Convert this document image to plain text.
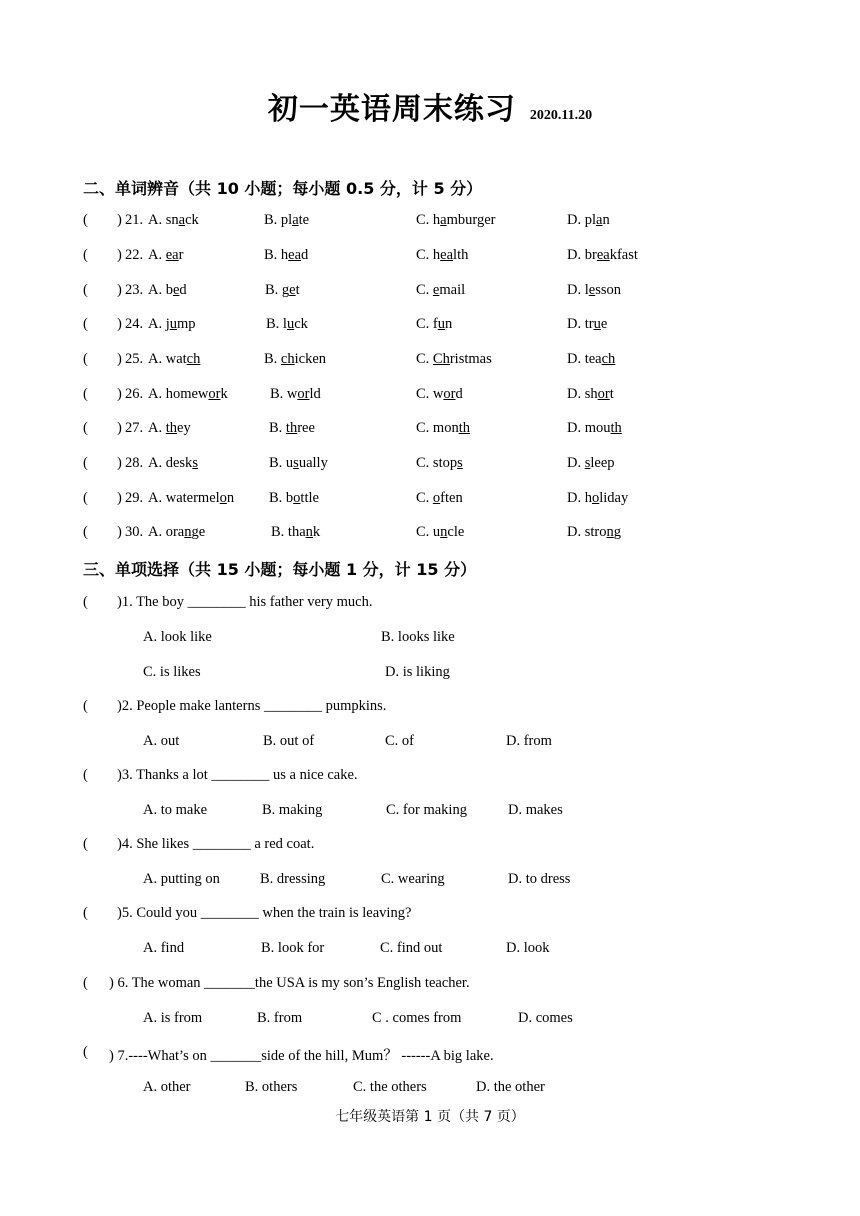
初一英语周末练习 2020.11.20
二、单词辨音（共 10 小题；每小题 0.5 分，计 5 分）
( ) 21. A. snack	B. plate	C. hamburger	D. plan
( ) 22. A. ear	B. head	C. health	D. breakfast
( ) 23. A. bed	B. get	C. email	D. lesson
( ) 24. A. jump	B. luck	C. fun	D. true
( ) 25. A. watch	B. chicken	C. Christmas	D. teach
( ) 26. A. homework	B. world	C. word	D. short
( ) 27. A. they	B. three	C. month	D. mouth
( ) 28. A. desks	B. usually	C. stops	D. sleep
( ) 29. A. watermelon B. bottle	C. often	D. holiday
( ) 30. A. orange	B. thank	C. uncle	D. strong
三、单项选择（共 15 小题；每小题 1 分，计 15 分）
( )1. The boy ________ his father very much.
A. look like	B. looks like
C. is likes	D. is liking
( )2. People make lanterns ________ pumpkins.
A. out	B. out of	C. of	D. from
( )3. Thanks a lot ________ us a nice cake.
A. to make	B. making	C. for making	D. makes
( )4. She likes ________ a red coat.
A. putting on	B. dressing	C. wearing	D. to dress
( )5. Could you ________ when the train is leaving?
A. find	B. look for	C. find out	D. look
( ) 6. The woman _______the USA is my son’s English teacher.
A. is from	B. from	C . comes from	D. comes
( ) 7.----What’s on _______side of the hill, Mum？ ------A big lake.
A. other	B. others	C. the others	D. the other
七年级英语第 1 页（共 7 页）
